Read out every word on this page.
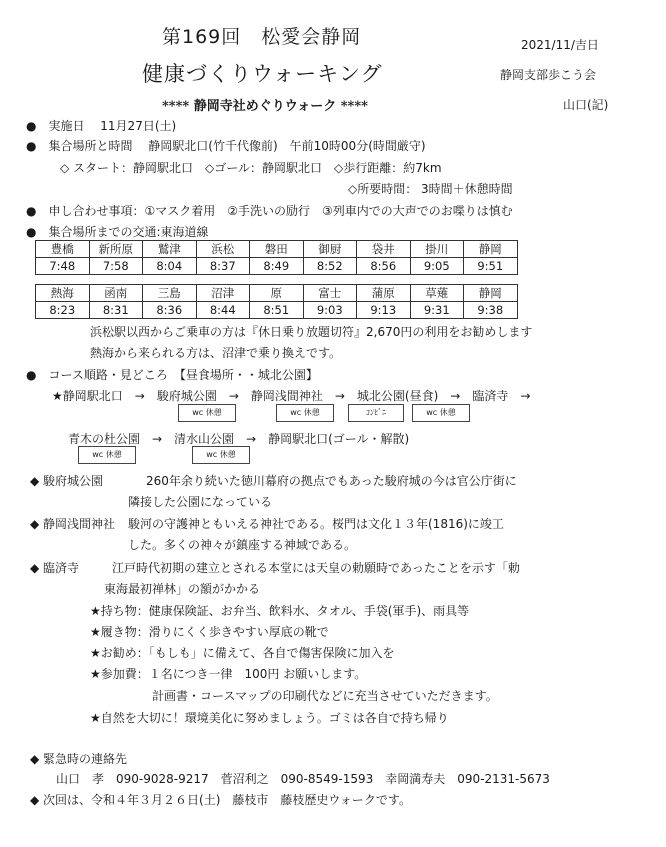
第169回　松愛会静岡
健康づくりウォーキング
**** 静岡寺社めぐりウォーク ****
2021/11/吉日
静岡支部歩こう会
山口(記)
●　実施日　 11月27日(土)
●　集合場所と時間　 静岡駅北口(竹千代像前)　午前10時00分(時間厳守)
◇ スタート：静岡駅北口　◇ゴール：静岡駅北口　◇歩行距離：約7km
◇所要時間： 3時間＋休憩時間
●　申し合わせ事項：①マスク着用　②手洗いの励行　③列車内での大声でのお喋りは慎む
●　集合場所までの交通:東海道線
豊橋	新所原	鷲津	浜松	磐田	御厨	袋井	掛川	静岡
7:48	7:58	8:04	8:37	8:49	8:52	8:56	9:05	9:51
熱海	函南	三島	沼津	原	富士	蒲原	草薙	静岡
8:23	8:31	8:36	8:44	8:51	9:03	9:13	9:31	9:38
浜松駅以西からご乗車の方は『休日乗り放題切符』2,670円の利用をお勧めします
熱海から来られる方は、沼津で乗り換えです。
●　コース順路・見どころ　【昼食場所・・城北公園】
★静岡駅北口　→　駿府城公園　→　静岡浅間神社　→　城北公園(昼食)　→　臨済寺　→
wc 休憩	wc 休憩	ｺﾝﾋﾞﾆ	wc 休憩
青木の杜公園　→　清水山公園　→　静岡駅北口(ゴール・解散)
wc 休憩	wc 休憩
◆ 駿府城公園	260年余り続いた徳川幕府の拠点でもあった駿府城の今は官公庁街に
隣接した公園になっている
◆ 静岡浅間神社 駿河の守護神ともいえる神社である。桜門は文化１３年(1816)に竣工
した。多くの神々が鎮座する神域である。
◆ 臨済寺	江戸時代初期の建立とされる本堂には天皇の勅願時であったことを示す「勅
東海最初禅林」の額がかかる
★持ち物：健康保険証、お弁当、飲料水、タオル、手袋(軍手)、雨具等
★履き物：滑りにくく歩きやすい厚底の靴で
★お勧め：「もしも」に備えて、各自で傷害保険に加入を
★参加費：１名につき一律　100円 お願いします。
計画書・コースマップの印刷代などに充当させていただきます。
★自然を大切に！環境美化に努めましょう。ゴミは各自で持ち帰り
◆ 緊急時の連絡先
山口　孝　090-9028-9217　菅沼利之　090-8549-1593　幸岡満寿夫　090-2131-5673
◆ 次回は、令和４年３月２６日(土)　藤枝市　藤枝歴史ウォークです。
